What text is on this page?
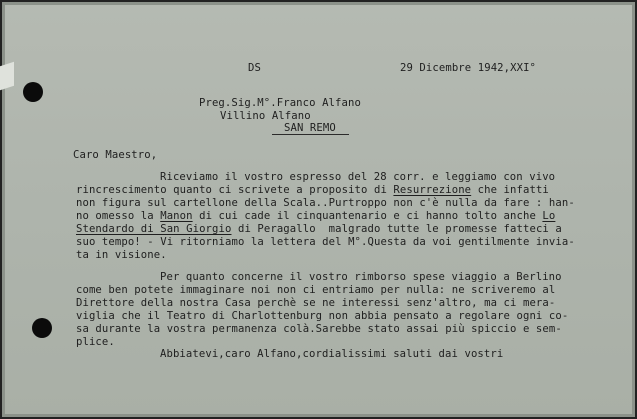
DS	29 Dicembre 1942,XXI°
Preg.Sig.M°.Franco Alfano
Villino Alfano
SAN REMO
Caro Maestro,
Riceviamo il vostro espresso del 28 corr. e leggiamo con vivo
rincrescimento quanto ci scrivete a proposito di Resurrezione che infatti
non figura sul cartellone della Scala..Purtroppo non c'è nulla da fare : han-
no omesso la Manon di cui cade il cinquantenario e ci hanno tolto anche Lo
Stendardo di San Giorgio di Peragallo  malgrado tutte le promesse fatteci a
suo tempo! - Vi ritorniamo la lettera del M°.Questa da voi gentilmente invia-
ta in visione.
Per quanto concerne il vostro rimborso spese viaggio a Berlino
come ben potete immaginare noi non ci entriamo per nulla: ne scriveremo al
Direttore della nostra Casa perchè se ne interessi senz'altro, ma ci mera-
viglia che il Teatro di Charlottenburg non abbia pensato a regolare ogni co-
sa durante la vostra permanenza colà.Sarebbe stato assai più spiccio e sem-
plice.
Abbiatevi,caro Alfano,cordialissimi saluti dai vostri
